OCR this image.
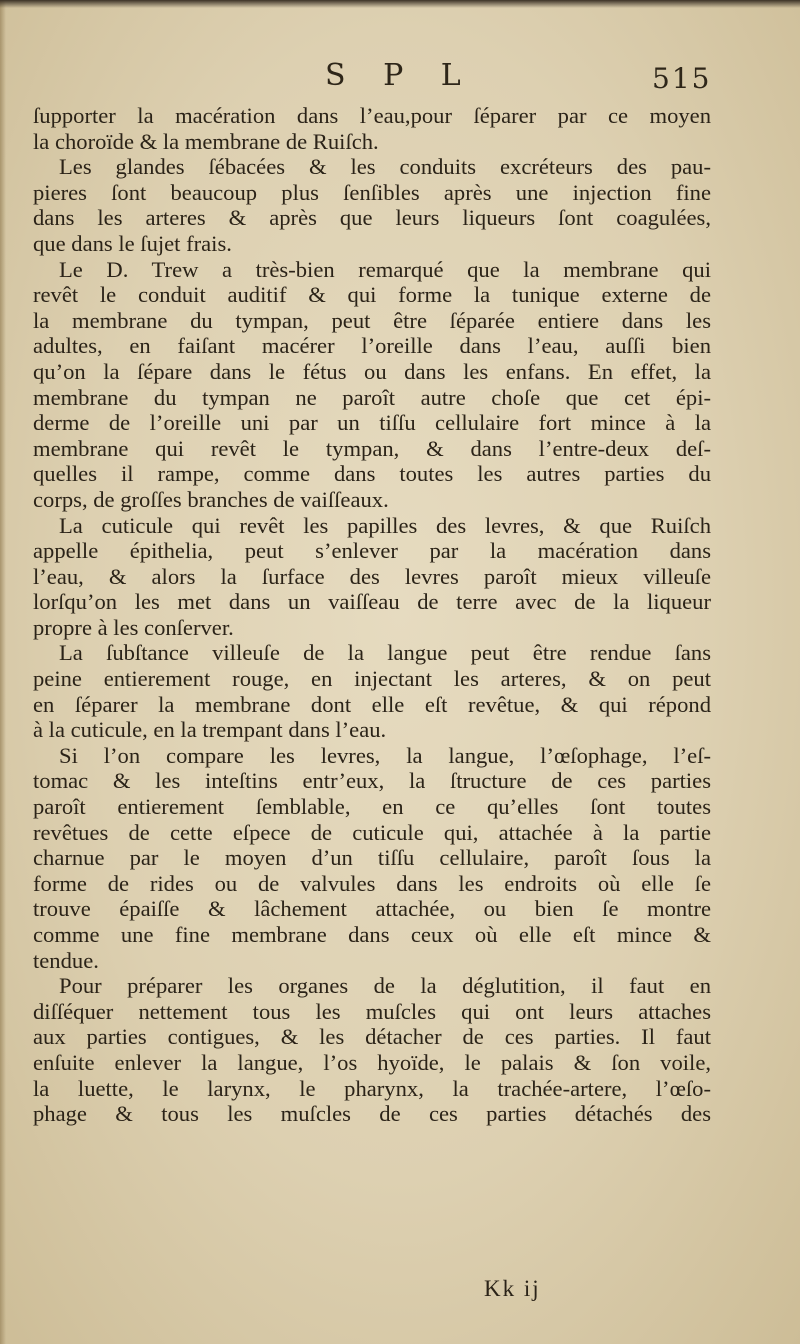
S P L	515
ſupporter la macération dans l’eau,pour ſéparer par ce moyen
la choroïde & la membrane de Ruiſch.
Les glandes ſébacées & les conduits excréteurs des pau-
pieres ſont beaucoup plus ſenſibles après une injection fine
dans les arteres & après que leurs liqueurs ſont coagulées,
que dans le ſujet frais.
Le D. Trew a très-bien remarqué que la membrane qui
revêt le conduit auditif & qui forme la tunique externe de
la membrane du tympan, peut être ſéparée entiere dans les
adultes, en faiſant macérer l’oreille dans l’eau, auſſi bien
qu’on la ſépare dans le fétus ou dans les enfans. En effet, la
membrane du tympan ne paroît autre choſe que cet épi-
derme de l’oreille uni par un tiſſu cellulaire fort mince à la
membrane qui revêt le tympan, & dans l’entre-deux deſ-
quelles il rampe, comme dans toutes les autres parties du
corps, de groſſes branches de vaiſſeaux.
La cuticule qui revêt les papilles des levres, & que Ruiſch
appelle épithelia, peut s’enlever par la macération dans
l’eau, & alors la ſurface des levres paroît mieux villeuſe
lorſqu’on les met dans un vaiſſeau de terre avec de la liqueur
propre à les conſerver.
La ſubſtance villeuſe de la langue peut être rendue ſans
peine entierement rouge, en injectant les arteres, & on peut
en ſéparer la membrane dont elle eſt revêtue, & qui répond
à la cuticule, en la trempant dans l’eau.
Si l’on compare les levres, la langue, l’œſophage, l’eſ-
tomac & les inteſtins entr’eux, la ſtructure de ces parties
paroît entierement ſemblable, en ce qu’elles ſont toutes
revêtues de cette eſpece de cuticule qui, attachée à la partie
charnue par le moyen d’un tiſſu cellulaire, paroît ſous la
forme de rides ou de valvules dans les endroits où elle ſe
trouve épaiſſe & lâchement attachée, ou bien ſe montre
comme une fine membrane dans ceux où elle eſt mince &
tendue.
Pour préparer les organes de la déglutition, il faut en
diſſéquer nettement tous les muſcles qui ont leurs attaches
aux parties contigues, & les détacher de ces parties. Il faut
enſuite enlever la langue, l’os hyoïde, le palais & ſon voile,
la luette, le larynx, le pharynx, la trachée-artere, l’œſo-
phage & tous les muſcles de ces parties détachés des
Kk ij
